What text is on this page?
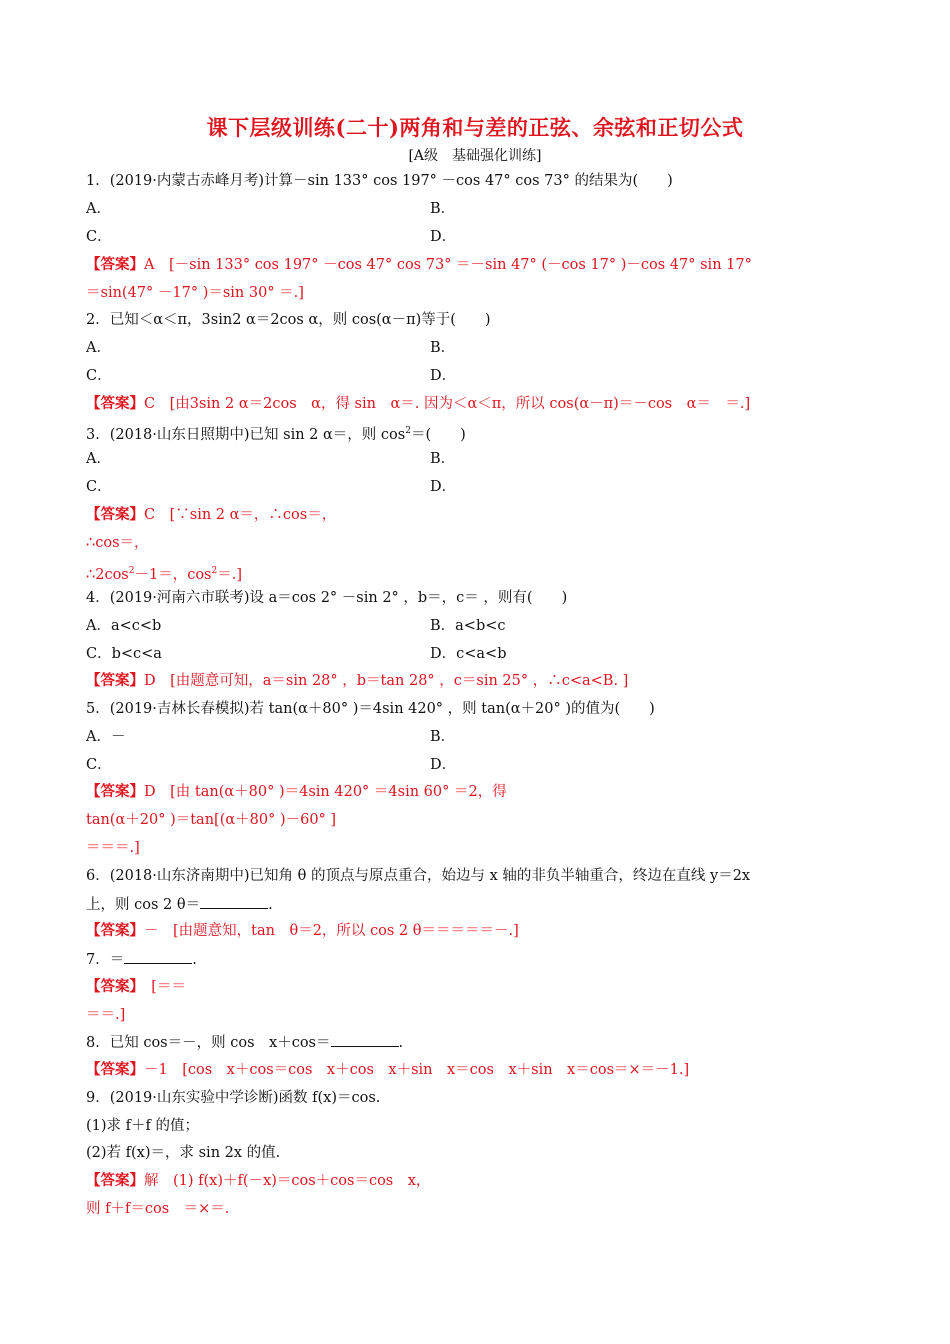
课下层级训练(二十)两角和与差的正弦、余弦和正切公式
[A级　基础强化训练]
1．(2019·内蒙古赤峰月考)计算－sin 133° cos 197° －cos 47° cos 73° 的结果为(　　)
A．	B．
C．	D．
【答案】A　[－sin 133° cos 197° －cos 47° cos 73° ＝－sin 47° (－cos 17° )－cos 47° sin 17°
＝sin(47° －17° )＝sin 30° ＝.]
2．已知＜α＜π，3sin2 α＝2cos α，则 cos(α－π)等于(　　)
A．	B．
C．	D．
【答案】C　[由3sin 2 α＝2cos　α，得 sin　α＝. 因为＜α＜π，所以 cos(α－π)＝－cos　α＝　＝.]
3．(2018·山东日照期中)已知 sin 2 α＝，则 $\cos^2=$(　　)
A．	B．
C．	D．
【答案】C　[∵sin 2 α＝，∴cos＝，
∴cos＝，
$\therefore 2\cos^2-1=$，$\cos^2=$.]
4．(2019·河南六市联考)设 a＝cos 2° －sin 2° ，b＝，c＝ ，则有(　　)
A．a<c<b	B．a<b<c
C．b<c<a	D．c<a<b
【答案】D　[由题意可知，a＝sin 28° ，b＝tan 28° ，c＝sin 25° ，∴c<a<B. ]
5．(2019·吉林长春模拟)若 tan(α＋80° )＝4sin 420° ，则 tan(α＋20° )的值为(　　)
A．－	B．
C．	D．
【答案】D　[由 tan(α＋80° )＝4sin 420° ＝4sin 60° ＝2，得
tan(α＋20° )＝tan[(α＋80° )－60° ]
＝＝＝.]
6．(2018·山东济南期中)已知角 θ 的顶点与原点重合，始边与 x 轴的非负半轴重合，终边在直线 y＝2x
上，则 cos 2 θ＝	.
【答案】－　[由题意知，tan　θ＝2，所以 cos 2 θ＝＝＝＝＝－.]
7．＝	.
【答案】　[＝＝
＝＝.]
8．已知 cos＝－，则 cos　x＋cos＝	.
【答案】－1　[cos　x＋cos＝cos　x＋cos　x＋sin　x＝cos　x＋sin　x＝cos＝×＝－1.]
9．(2019·山东实验中学诊断)函数 f(x)＝cos.
(1)求 f＋f 的值；
(2)若 f(x)＝，求 sin 2x 的值.
【答案】解　(1) f(x)＋f(－x)＝cos＋cos＝cos　x，
则 f＋f＝cos　＝×＝.
